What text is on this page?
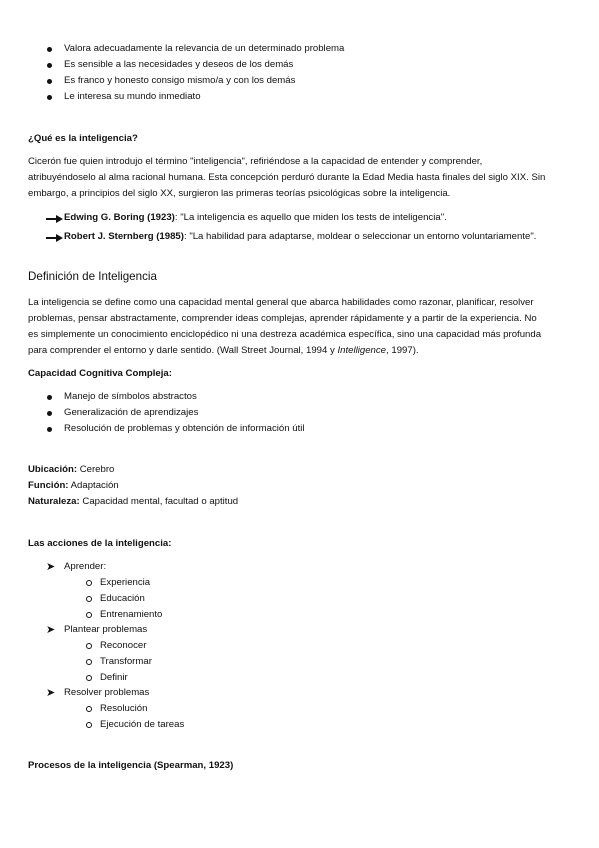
Valora adecuadamente la relevancia de un determinado problema
Es sensible a las necesidades y deseos de los demás
Es franco y honesto consigo mismo/a y con los demás
Le interesa su mundo inmediato
¿Qué es la inteligencia?
Cicerón fue quien introdujo el término "inteligencia", refiriéndose a la capacidad de entender y comprender,
atribuyéndoselo al alma racional humana. Esta concepción perduró durante la Edad Media hasta finales del siglo XIX. Sin
embargo, a principios del siglo XX, surgieron las primeras teorías psicológicas sobre la inteligencia.
Edwing G. Boring (1923): "La inteligencia es aquello que miden los tests de inteligencia".
Robert J. Sternberg (1985): "La habilidad para adaptarse, moldear o seleccionar un entorno voluntariamente".
Definición de Inteligencia
La inteligencia se define como una capacidad mental general que abarca habilidades como razonar, planificar, resolver
problemas, pensar abstractamente, comprender ideas complejas, aprender rápidamente y a partir de la experiencia. No
es simplemente un conocimiento enciclopédico ni una destreza académica específica, sino una capacidad más profunda
para comprender el entorno y darle sentido. (Wall Street Journal, 1994 y Intelligence, 1997).
Capacidad Cognitiva Compleja:
Manejo de símbolos abstractos
Generalización de aprendizajes
Resolución de problemas y obtención de información útil
Ubicación: Cerebro
Función: Adaptación
Naturaleza: Capacidad mental, facultad o aptitud
Las acciones de la inteligencia:
➤ Aprender:
Experiencia
Educación
Entrenamiento
➤ Plantear problemas
Reconocer
Transformar
Definir
➤ Resolver problemas
Resolución
Ejecución de tareas
Procesos de la inteligencia (Spearman, 1923)
